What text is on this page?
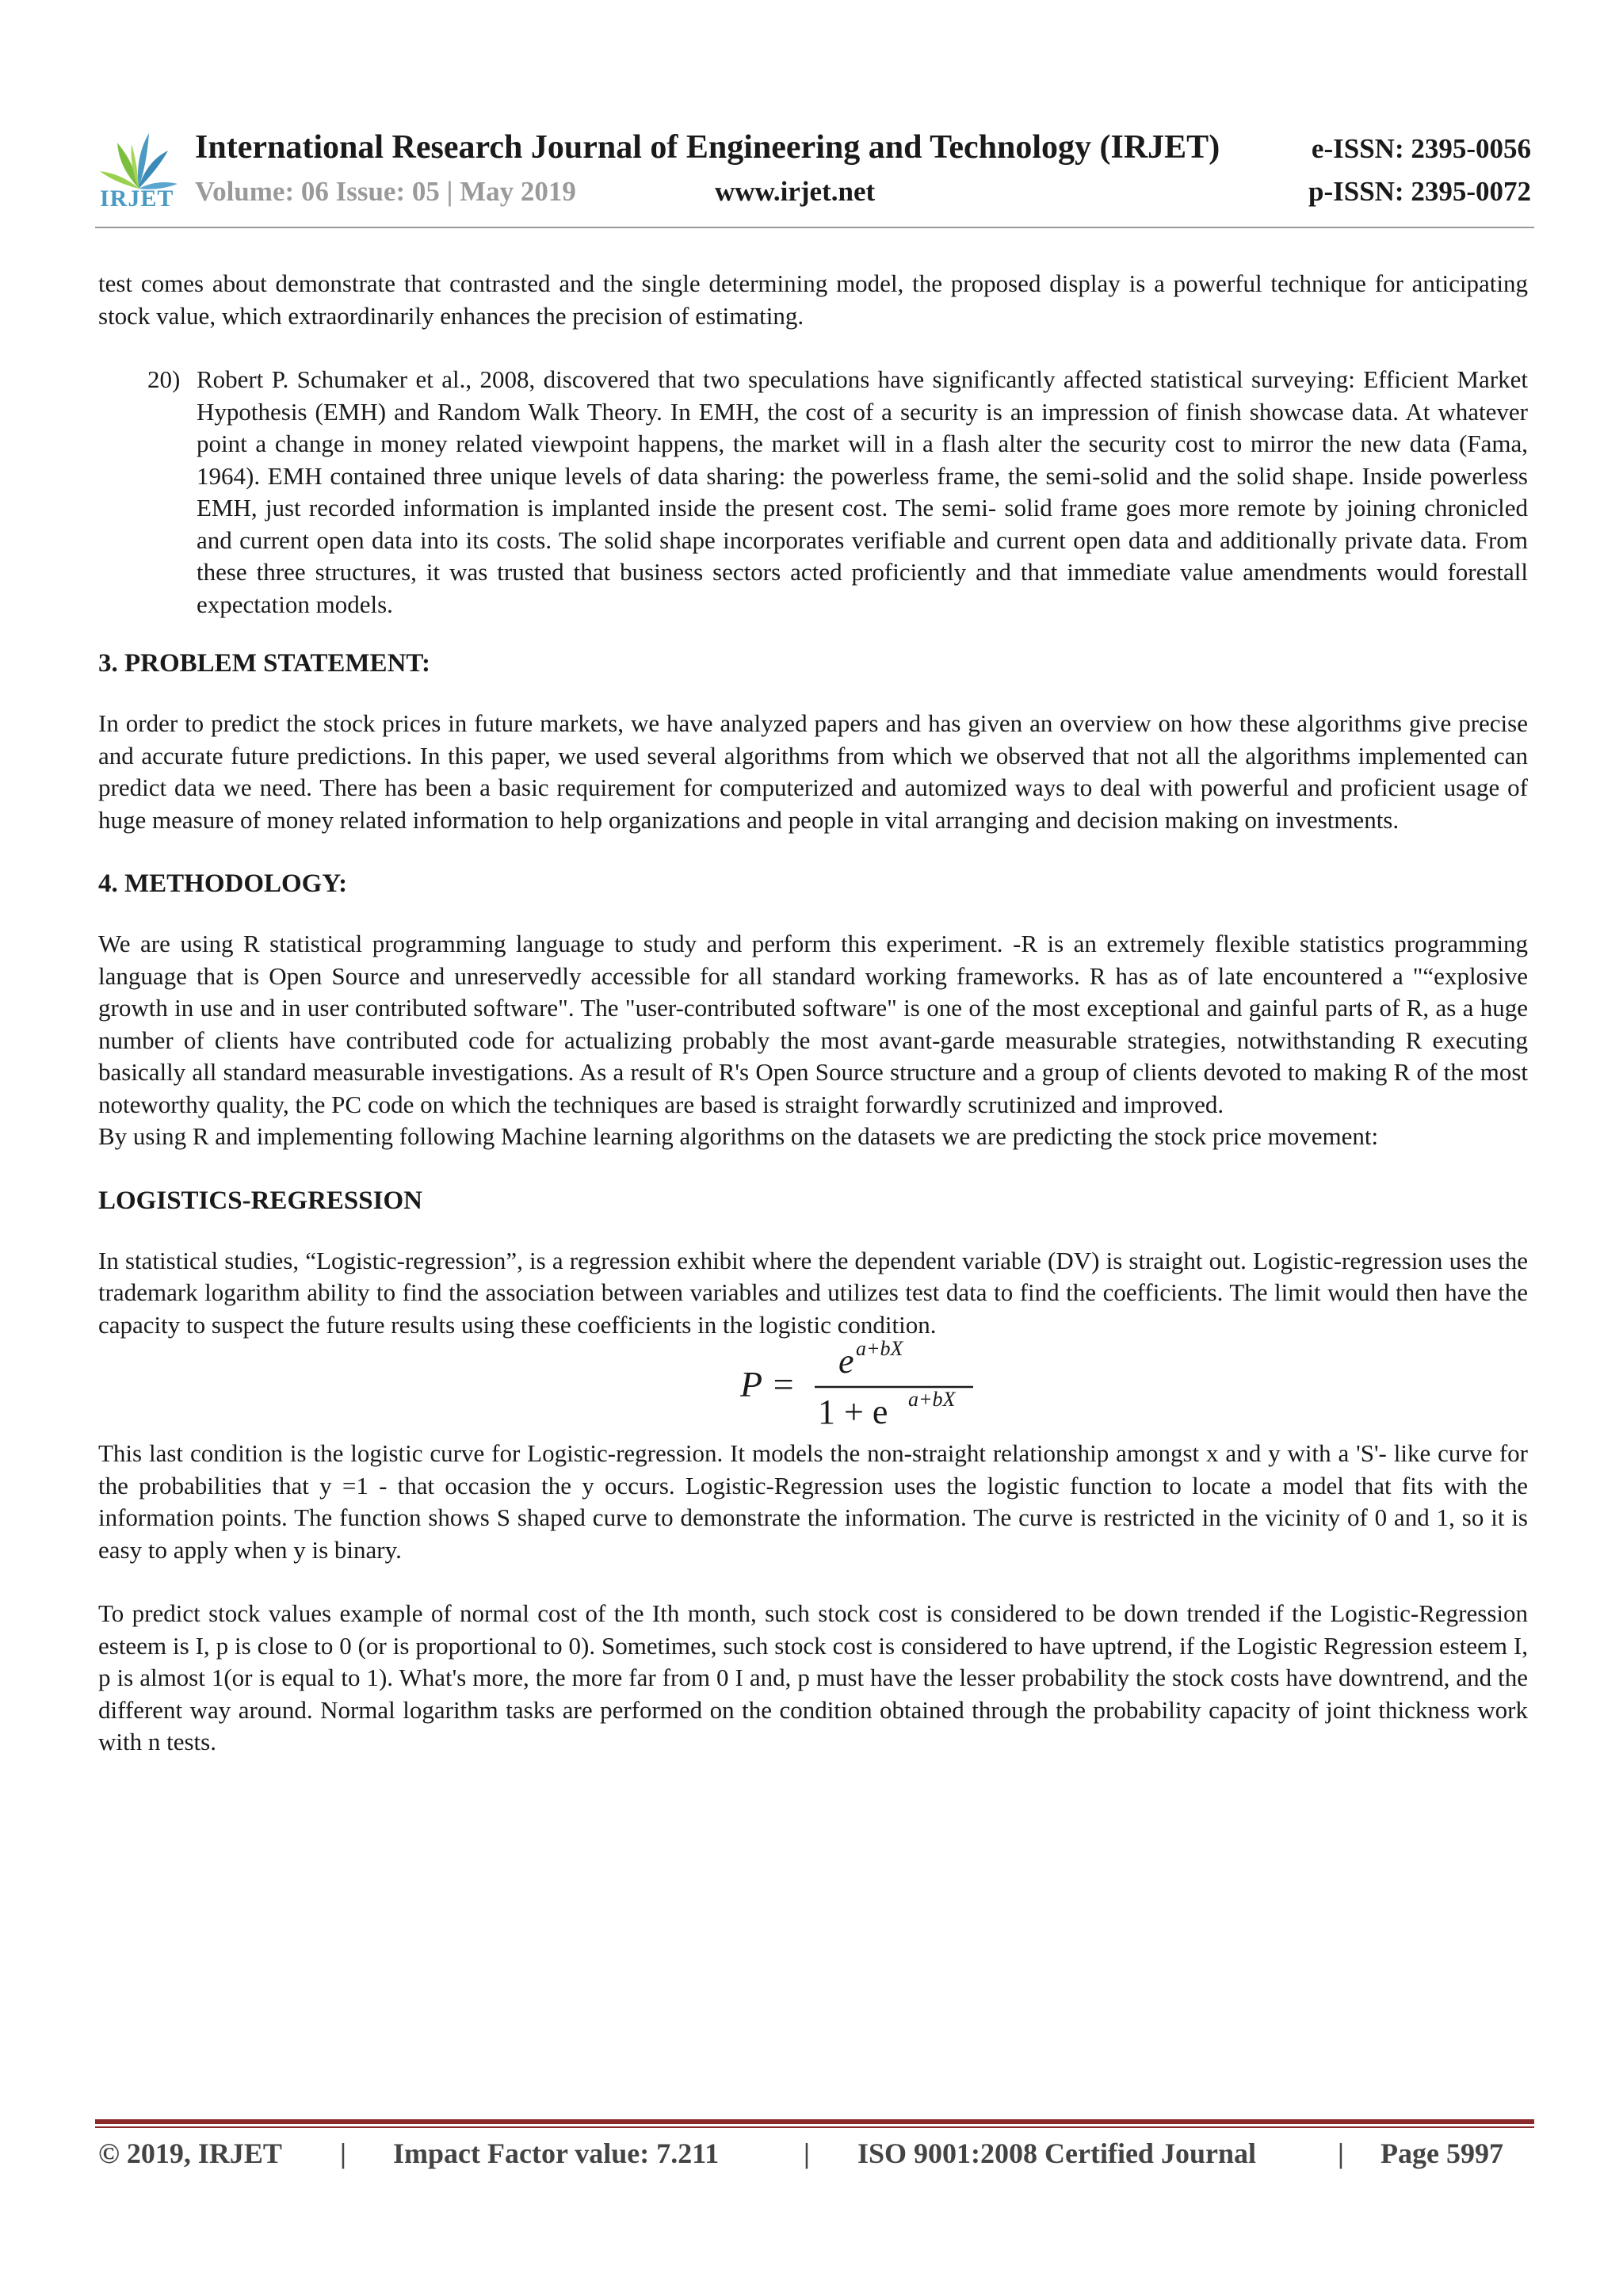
IRJET
International Research Journal of Engineering and Technology (IRJET)	e-ISSN: 2395-0056
Volume: 06 Issue: 05 | May 2019	www.irjet.net	p-ISSN: 2395-0072

test comes about demonstrate that contrasted and the single determining model, the proposed display is a powerful technique for anticipating stock value, which extraordinarily enhances the precision of estimating.

20) Robert P. Schumaker et al., 2008, discovered that two speculations have significantly affected statistical surveying: Efficient Market Hypothesis (EMH) and Random Walk Theory. In EMH, the cost of a security is an impression of finish showcase data. At whatever point a change in money related viewpoint happens, the market will in a flash alter the security cost to mirror the new data (Fama, 1964). EMH contained three unique levels of data sharing: the powerless frame, the semi-solid and the solid shape. Inside powerless EMH, just recorded information is implanted inside the present cost. The semi- solid frame goes more remote by joining chronicled and current open data into its costs. The solid shape incorporates verifiable and current open data and additionally private data. From these three structures, it was trusted that business sectors acted proficiently and that immediate value amendments would forestall expectation models.

3. PROBLEM STATEMENT:

In order to predict the stock prices in future markets, we have analyzed papers and has given an overview on how these algorithms give precise and accurate future predictions. In this paper, we used several algorithms from which we observed that not all the algorithms implemented can predict data we need. There has been a basic requirement for computerized and automized ways to deal with powerful and proficient usage of huge measure of money related information to help organizations and people in vital arranging and decision making on investments.

4. METHODOLOGY:

We are using R statistical programming language to study and perform this experiment. -R is an extremely flexible statistics programming language that is Open Source and unreservedly accessible for all standard working frameworks. R has as of late encountered a "“explosive growth in use and in user contributed software". The "user-contributed software" is one of the most exceptional and gainful parts of R, as a huge number of clients have contributed code for actualizing probably the most avant-garde measurable strategies, notwithstanding R executing basically all standard measurable investigations. As a result of R's Open Source structure and a group of clients devoted to making R of the most noteworthy quality, the PC code on which the techniques are based is straight forwardly scrutinized and improved.

By using R and implementing following Machine learning algorithms on the datasets we are predicting the stock price movement:

LOGISTICS-REGRESSION

In statistical studies, “Logistic-regression”, is a regression exhibit where the dependent variable (DV) is straight out. Logistic-regression uses the trademark logarithm ability to find the association between variables and utilizes test data to find the coefficients. The limit would then have the capacity to suspect the future results using these coefficients in the logistic condition.

P =
e a+bX
1 + e a+bX

This last condition is the logistic curve for Logistic-regression. It models the non-straight relationship amongst x and y with a 'S'- like curve for the probabilities that y =1 - that occasion the y occurs. Logistic-Regression uses the logistic function to locate a model that fits with the information points. The function shows S shaped curve to demonstrate the information. The curve is restricted in the vicinity of 0 and 1, so it is easy to apply when y is binary.

To predict stock values example of normal cost of the Ith month, such stock cost is considered to be down trended if the Logistic-Regression esteem is I, p is close to 0 (or is proportional to 0). Sometimes, such stock cost is considered to have uptrend, if the Logistic Regression esteem I, p is almost 1(or is equal to 1). What's more, the more far from 0 I and, p must have the lesser probability the stock costs have downtrend, and the different way around. Normal logarithm tasks are performed on the condition obtained through the probability capacity of joint thickness work with n tests.

© 2019, IRJET | Impact Factor value: 7.211	| ISO 9001:2008 Certified Journal	| Page 5997
